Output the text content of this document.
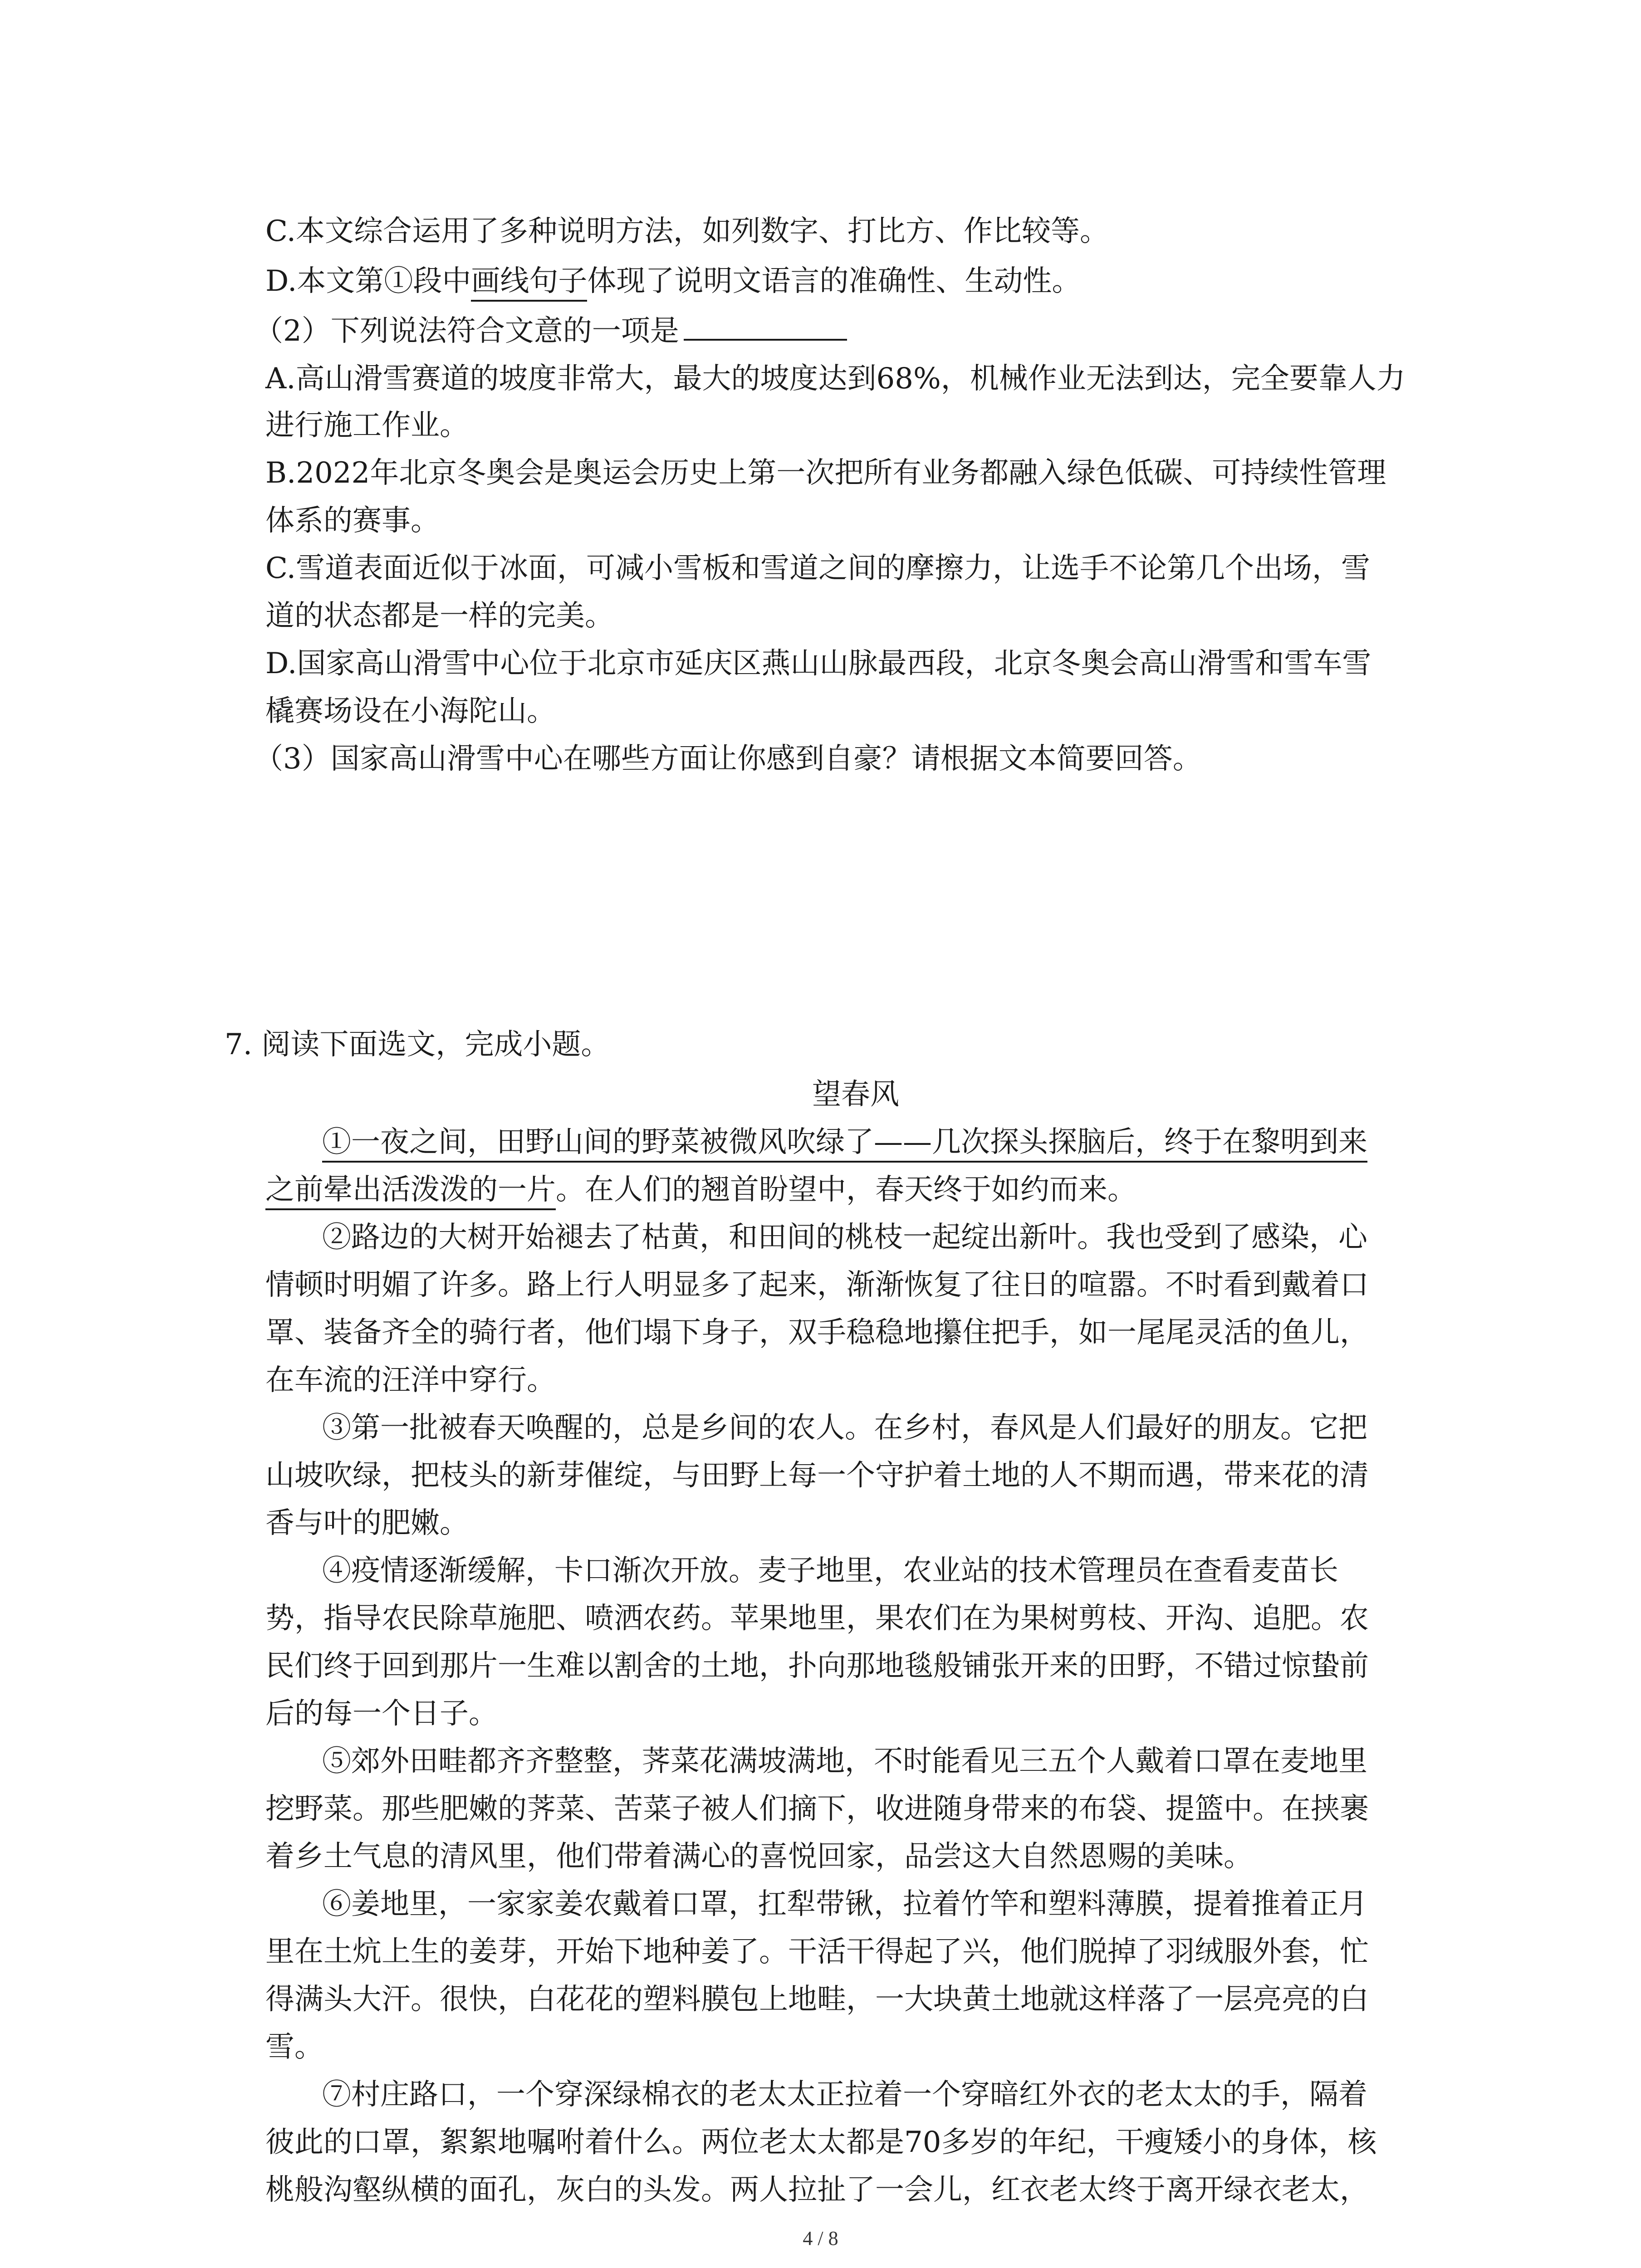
C.本文综合运用了多种说明方法，如列数字、打比方、作比较等。
D.本文第①段中画线句子体现了说明文语言的准确性、生动性。
（2）下列说法符合文意的一项是
A.高山滑雪赛道的坡度非常大，最大的坡度达到68%，机械作业无法到达，完全要靠人力
进行施工作业。
B.2022年北京冬奥会是奥运会历史上第一次把所有业务都融入绿色低碳、可持续性管理
体系的赛事。
C.雪道表面近似于冰面，可减小雪板和雪道之间的摩擦力，让选手不论第几个出场，雪
道的状态都是一样的完美。
D.国家高山滑雪中心位于北京市延庆区燕山山脉最西段，北京冬奥会高山滑雪和雪车雪
橇赛场设在小海陀山。
（3）国家高山滑雪中心在哪些方面让你感到自豪？请根据文本简要回答。
7. 阅读下面选文，完成小题。
望春风
①一夜之间，田野山间的野菜被微风吹绿了——几次探头探脑后，终于在黎明到来
之前晕出活泼泼的一片。在人们的翘首盼望中，春天终于如约而来。
②路边的大树开始褪去了枯黄，和田间的桃枝一起绽出新叶。我也受到了感染，心
情顿时明媚了许多。路上行人明显多了起来，渐渐恢复了往日的喧嚣。不时看到戴着口
罩、装备齐全的骑行者，他们塌下身子，双手稳稳地攥住把手，如一尾尾灵活的鱼儿，
在车流的汪洋中穿行。
③第一批被春天唤醒的，总是乡间的农人。在乡村，春风是人们最好的朋友。它把
山坡吹绿，把枝头的新芽催绽，与田野上每一个守护着土地的人不期而遇，带来花的清
香与叶的肥嫩。
④疫情逐渐缓解，卡口渐次开放。麦子地里，农业站的技术管理员在查看麦苗长
势，指导农民除草施肥、喷洒农药。苹果地里，果农们在为果树剪枝、开沟、追肥。农
民们终于回到那片一生难以割舍的土地，扑向那地毯般铺张开来的田野，不错过惊蛰前
后的每一个日子。
⑤郊外田畦都齐齐整整，荠菜花满坡满地，不时能看见三五个人戴着口罩在麦地里
挖野菜。那些肥嫩的荠菜、苦菜子被人们摘下，收进随身带来的布袋、提篮中。在挟裹
着乡土气息的清风里，他们带着满心的喜悦回家，品尝这大自然恩赐的美味。
⑥姜地里，一家家姜农戴着口罩，扛犁带锹，拉着竹竿和塑料薄膜，提着推着正月
里在土炕上生的姜芽，开始下地种姜了。干活干得起了兴，他们脱掉了羽绒服外套，忙
得满头大汗。很快，白花花的塑料膜包上地畦，一大块黄土地就这样落了一层亮亮的白
雪。
⑦村庄路口，一个穿深绿棉衣的老太太正拉着一个穿暗红外衣的老太太的手，隔着
彼此的口罩，絮絮地嘱咐着什么。两位老太太都是70多岁的年纪，干瘦矮小的身体，核
桃般沟壑纵横的面孔，灰白的头发。两人拉扯了一会儿，红衣老太终于离开绿衣老太，
4 / 8
